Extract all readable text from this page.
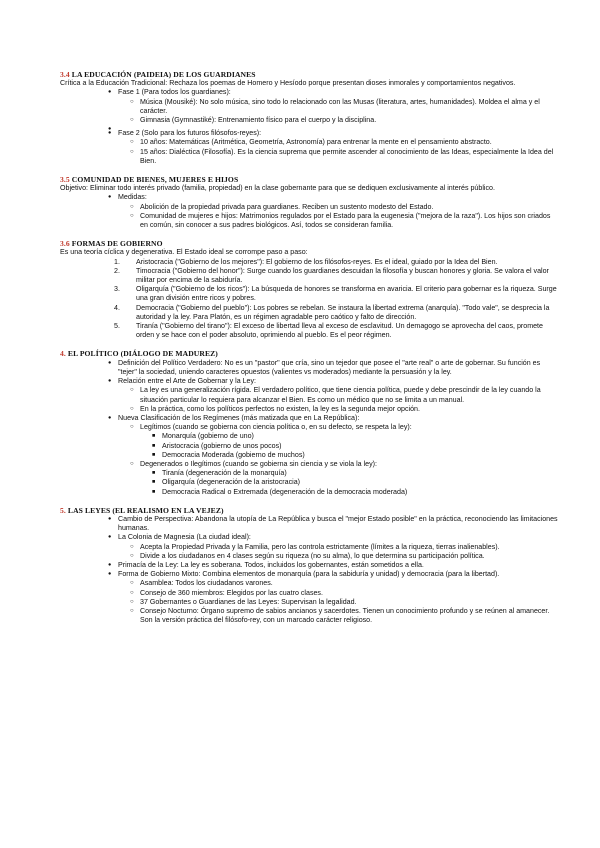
3.4 LA EDUCACIÓN (PAIDEIA) DE LOS GUARDIANES

Crítica a la Educación Tradicional: Rechaza los poemas de Homero y Hesíodo porque presentan dioses inmorales y comportamientos negativos.

● Fase 1 (Para todos los guardianes):
○ Música (Mousiké): No solo música, sino todo lo relacionado con las Musas (literatura, artes, humanidades). Moldea el alma y el carácter.
○ Gimnasia (Gymnastiké): Entrenamiento físico para el cuerpo y la disciplina.
●
● Fase 2 (Solo para los futuros filósofos-reyes):
○ 10 años: Matemáticas (Aritmética, Geometría, Astronomía) para entrenar la mente en el pensamiento abstracto.
○ 15 años: Dialéctica (Filosofía). Es la ciencia suprema que permite ascender al conocimiento de las Ideas, especialmente la Idea del Bien.

3.5 COMUNIDAD DE BIENES, MUJERES E HIJOS

Objetivo: Eliminar todo interés privado (familia, propiedad) en la clase gobernante para que se dediquen exclusivamente al interés público.

● Medidas:
○ Abolición de la propiedad privada para guardianes. Reciben un sustento modesto del Estado.
○ Comunidad de mujeres e hijos: Matrimonios regulados por el Estado para la eugenesia ("mejora de la raza"). Los hijos son criados en común, sin conocer a sus padres biológicos. Así, todos se consideran familia.

3.6 FORMAS DE GOBIERNO

Es una teoría cíclica y degenerativa. El Estado ideal se corrompe paso a paso:

1. Aristocracia ("Gobierno de los mejores"): El gobierno de los filósofos-reyes. Es el ideal, guiado por la Idea del Bien.
2. Timocracia ("Gobierno del honor"): Surge cuando los guardianes descuidan la filosofía y buscan honores y gloria. Se valora el valor militar por encima de la sabiduría.
3. Oligarquía ("Gobierno de los ricos"): La búsqueda de honores se transforma en avaricia. El criterio para gobernar es la riqueza. Surge una gran división entre ricos y pobres.
4. Democracia ("Gobierno del pueblo"): Los pobres se rebelan. Se instaura la libertad extrema (anarquía). "Todo vale", se desprecia la autoridad y la ley. Para Platón, es un régimen agradable pero caótico y falto de dirección.
5. Tiranía ("Gobierno del tirano"): El exceso de libertad lleva al exceso de esclavitud. Un demagogo se aprovecha del caos, promete orden y se hace con el poder absoluto, oprimiendo al pueblo. Es el peor régimen.

4. EL POLÍTICO (DIÁLOGO DE MADUREZ)

● Definición del Político Verdadero: No es un "pastor" que cría, sino un tejedor que posee el "arte real" o arte de gobernar. Su función es "tejer" la sociedad, uniendo caracteres opuestos (valientes vs moderados) mediante la persuasión y la ley.
● Relación entre el Arte de Gobernar y la Ley:
○ La ley es una generalización rígida. El verdadero político, que tiene ciencia política, puede y debe prescindir de la ley cuando la situación particular lo requiera para alcanzar el Bien. Es como un médico que no se limita a un manual.
○ En la práctica, como los políticos perfectos no existen, la ley es la segunda mejor opción.
● Nueva Clasificación de los Regímenes (más matizada que en La República):
○ Legítimos (cuando se gobierna con ciencia política o, en su defecto, se respeta la ley):
■ Monarquía (gobierno de uno)
■ Aristocracia (gobierno de unos pocos)
■ Democracia Moderada (gobierno de muchos)
○ Degenerados o Ilegítimos (cuando se gobierna sin ciencia y se viola la ley):
■ Tiranía (degeneración de la monarquía)
■ Oligarquía (degeneración de la aristocracia)
■ Democracia Radical o Extremada (degeneración de la democracia moderada)

5. LAS LEYES (EL REALISMO EN LA VEJEZ)

● Cambio de Perspectiva: Abandona la utopía de La República y busca el "mejor Estado posible" en la práctica, reconociendo las limitaciones humanas.
● La Colonia de Magnesia (La ciudad ideal):
○ Acepta la Propiedad Privada y la Familia, pero las controla estrictamente (límites a la riqueza, tierras inalienables).
○ Divide a los ciudadanos en 4 clases según su riqueza (no su alma), lo que determina su participación política.
● Primacía de la Ley: La ley es soberana. Todos, incluidos los gobernantes, están sometidos a ella.
● Forma de Gobierno Mixto: Combina elementos de monarquía (para la sabiduría y unidad) y democracia (para la libertad).
○ Asamblea: Todos los ciudadanos varones.
○ Consejo de 360 miembros: Elegidos por las cuatro clases.
○ 37 Gobernantes o Guardianes de las Leyes: Supervisan la legalidad.
○ Consejo Nocturno: Órgano supremo de sabios ancianos y sacerdotes. Tienen un conocimiento profundo y se reúnen al amanecer. Son la versión práctica del filósofo-rey, con un marcado carácter religioso.
